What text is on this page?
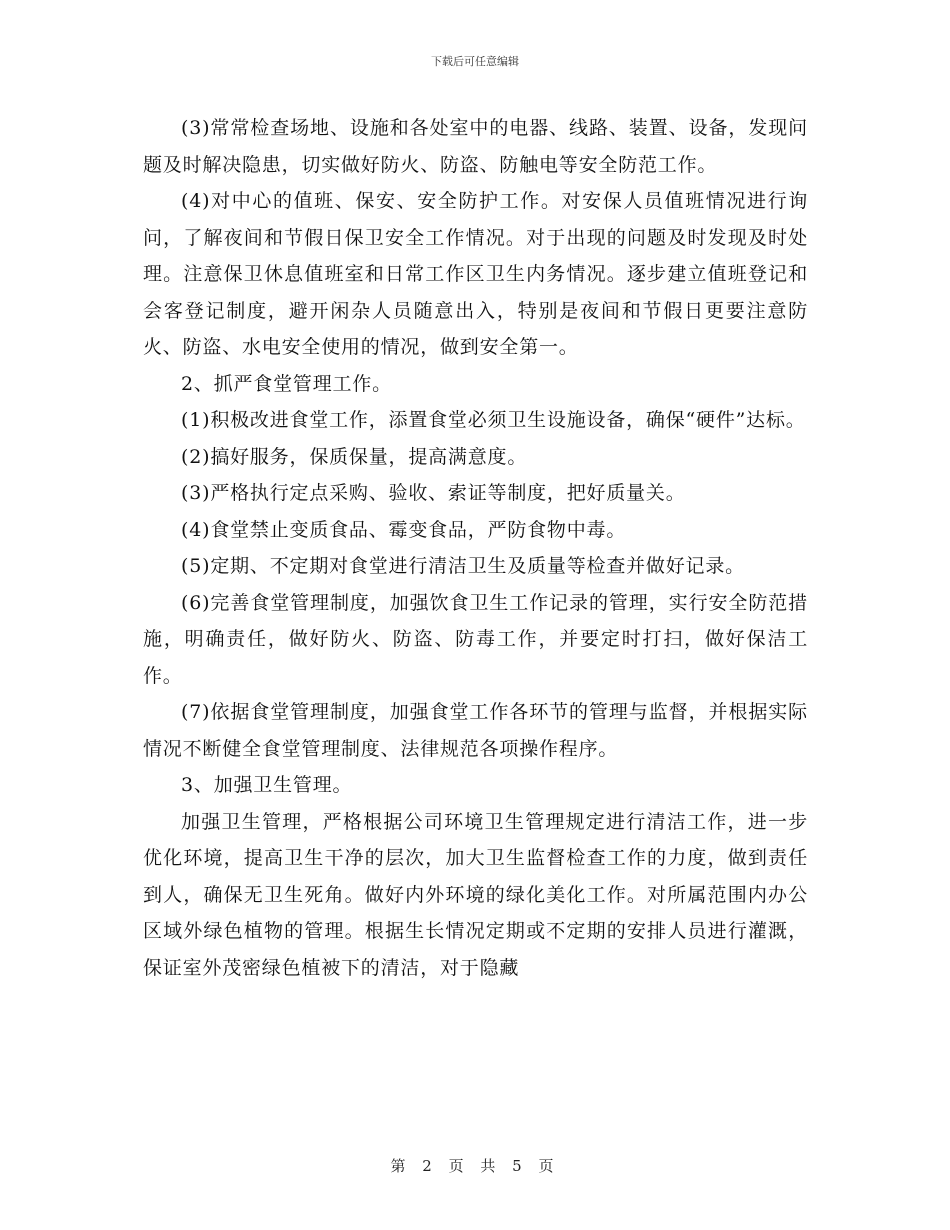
下载后可任意编辑

(3)常常检查场地、设施和各处室中的电器、线路、装置、设备，发现问题及时解决隐患，切实做好防火、防盗、防触电等安全防范工作。

(4)对中心的值班、保安、安全防护工作。对安保人员值班情况进行询问，了解夜间和节假日保卫安全工作情况。对于出现的问题及时发现及时处理。注意保卫休息值班室和日常工作区卫生内务情况。逐步建立值班登记和会客登记制度，避开闲杂人员随意出入，特别是夜间和节假日更要注意防火、防盗、水电安全使用的情况，做到安全第一。

2、抓严食堂管理工作。

(1)积极改进食堂工作，添置食堂必须卫生设施设备，确保“硬件”达标。

(2)搞好服务，保质保量，提高满意度。

(3)严格执行定点采购、验收、索证等制度，把好质量关。

(4)食堂禁止变质食品、霉变食品，严防食物中毒。

(5)定期、不定期对食堂进行清洁卫生及质量等检查并做好记录。

(6)完善食堂管理制度，加强饮食卫生工作记录的管理，实行安全防范措施，明确责任，做好防火、防盗、防毒工作，并要定时打扫，做好保洁工作。

(7)依据食堂管理制度，加强食堂工作各环节的管理与监督，并根据实际情况不断健全食堂管理制度、法律规范各项操作程序。

3、加强卫生管理。

加强卫生管理，严格根据公司环境卫生管理规定进行清洁工作，进一步优化环境，提高卫生干净的层次，加大卫生监督检查工作的力度，做到责任到人，确保无卫生死角。做好内外环境的绿化美化工作。对所属范围内办公区域外绿色植物的管理。根据生长情况定期或不定期的安排人员进行灌溉，保证室外茂密绿色植被下的清洁，对于隐藏

第 2 页 共 5 页
